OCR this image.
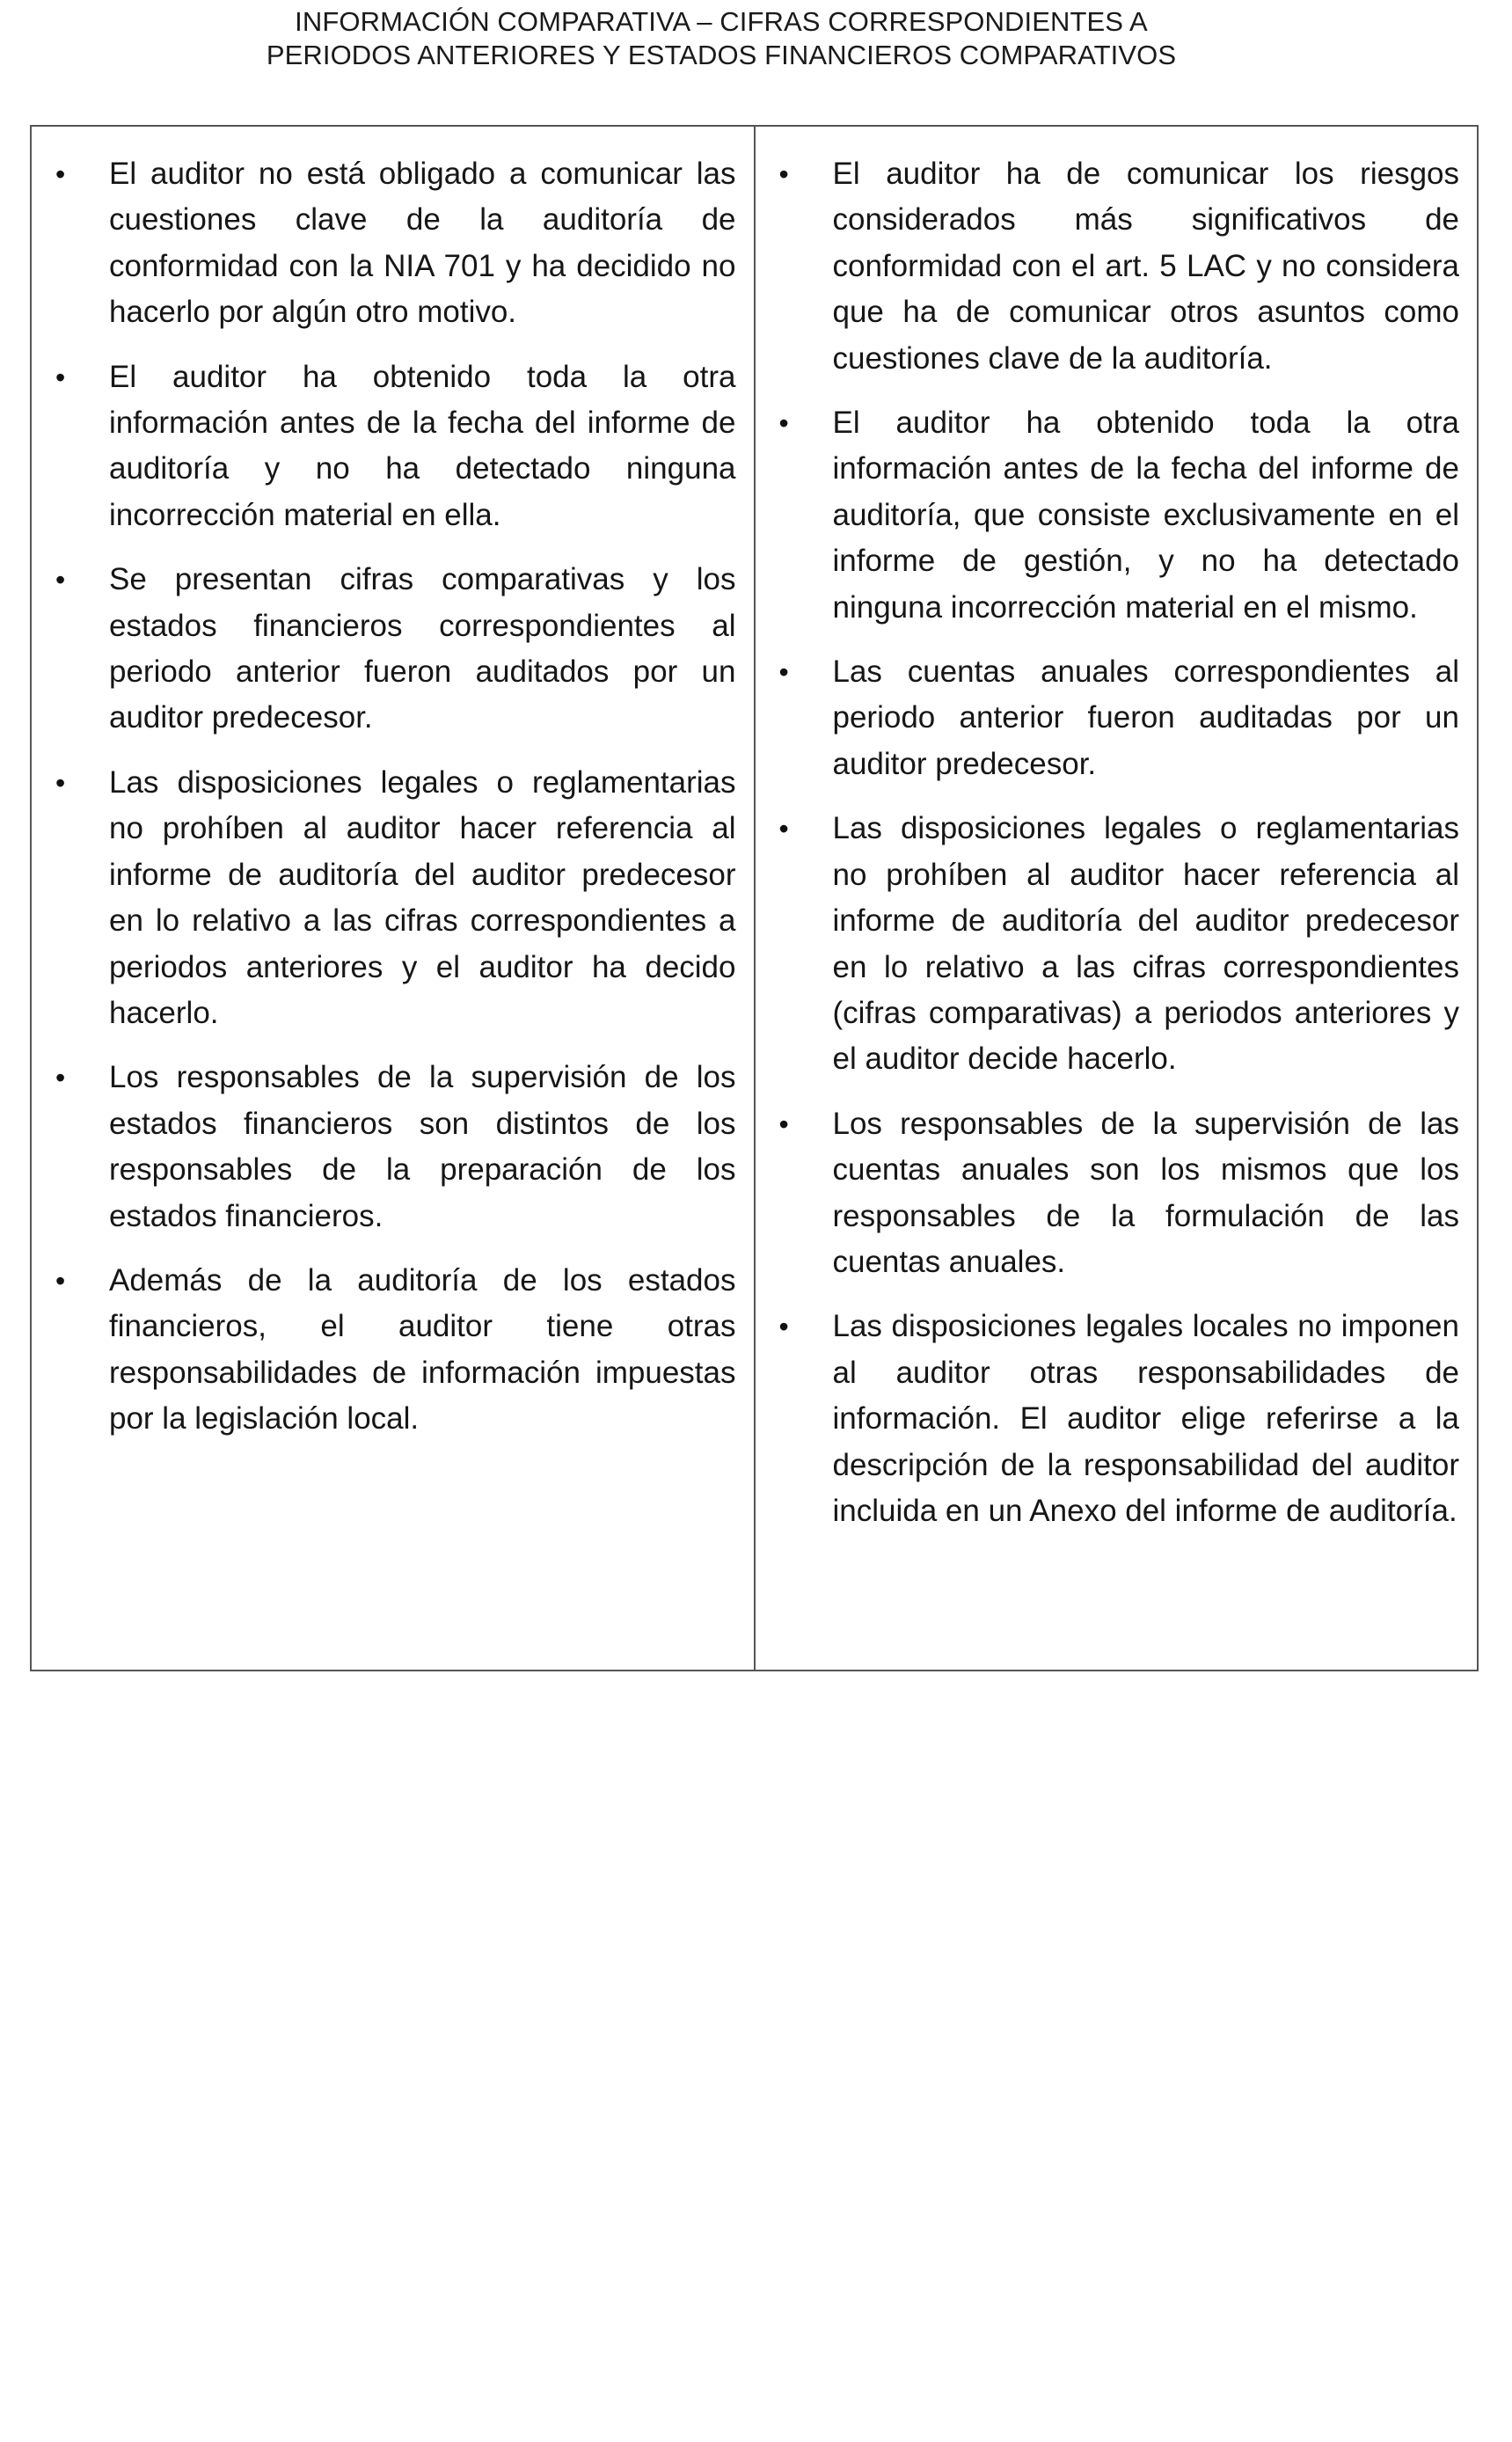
INFORMACIÓN COMPARATIVA – CIFRAS CORRESPONDIENTES A
PERIODOS ANTERIORES Y ESTADOS FINANCIEROS COMPARATIVOS
• El auditor no está obligado a comunicar las cuestiones clave de la auditoría de conformidad con la NIA 701 y ha decidido no hacerlo por algún otro motivo.
• El auditor ha obtenido toda la otra información antes de la fecha del informe de auditoría y no ha detectado ninguna incorrección material en ella.
• Se presentan cifras comparativas y los estados financieros correspondientes al periodo anterior fueron auditados por un auditor predecesor.
• Las disposiciones legales o reglamentarias no prohíben al auditor hacer referencia al informe de auditoría del auditor predecesor en lo relativo a las cifras correspondientes a periodos anteriores y el auditor ha decido hacerlo.
• Los responsables de la supervisión de los estados financieros son distintos de los responsables de la preparación de los estados financieros.
• Además de la auditoría de los estados financieros, el auditor tiene otras responsabilidades de información impuestas por la legislación local.
• El auditor ha de comunicar los riesgos considerados más significativos de conformidad con el art. 5 LAC y no considera que ha de comunicar otros asuntos como cuestiones clave de la auditoría.
• El auditor ha obtenido toda la otra información antes de la fecha del informe de auditoría, que consiste exclusivamente en el informe de gestión, y no ha detectado ninguna incorrección material en el mismo.
• Las cuentas anuales correspondientes al periodo anterior fueron auditadas por un auditor predecesor.
• Las disposiciones legales o reglamentarias no prohíben al auditor hacer referencia al informe de auditoría del auditor predecesor en lo relativo a las cifras correspondientes (cifras comparativas) a periodos anteriores y el auditor decide hacerlo.
• Los responsables de la supervisión de las cuentas anuales son los mismos que los responsables de la formulación de las cuentas anuales.
• Las disposiciones legales locales no imponen al auditor otras responsabilidades de información. El auditor elige referirse a la descripción de la responsabilidad del auditor incluida en un Anexo del informe de auditoría.
